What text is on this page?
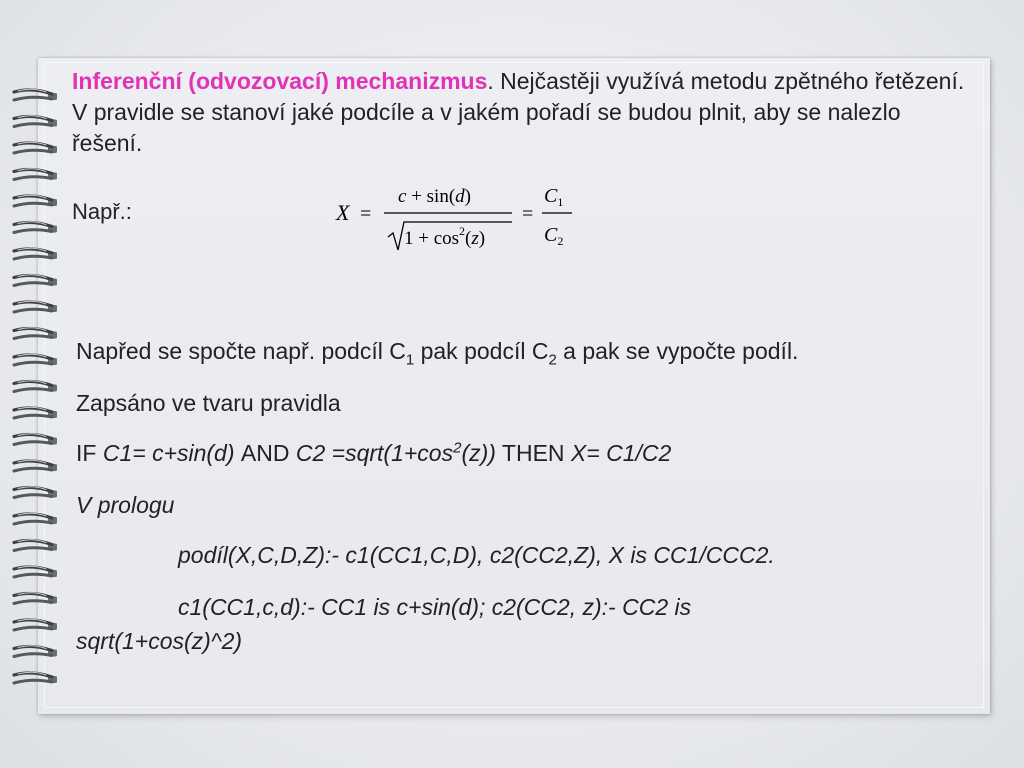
Inferenční (odvozovací) mechanizmus. Nejčastěji využívá metodu zpětného řetězení. V pravidle se stanoví jaké podcíle a v jakém pořadí se budou plnit, aby se nalezlo řešení.
Např.:	X =
c + sin(d)
$1 + \cos^2(z)$
=
$C_1$
$C_2$
Napřed se spočte např. podcíl $C_1$ pak podcíl $C_2$ a pak se vypočte podíl.
Zapsáno ve tvaru pravidla
IF C1= c+sin(d) AND $C2 =sqrt(1+\cos^2(z))$ THEN X= C1/C2
V prologu
podíl(X,C,D,Z):- c1(CC1,C,D), c2(CC2,Z), X is CC1/CCC2.
c1(CC1,c,d):- CC1 is c+sin(d); c2(CC2, z):- CC2 is
sqrt(1+cos(z)^2)
